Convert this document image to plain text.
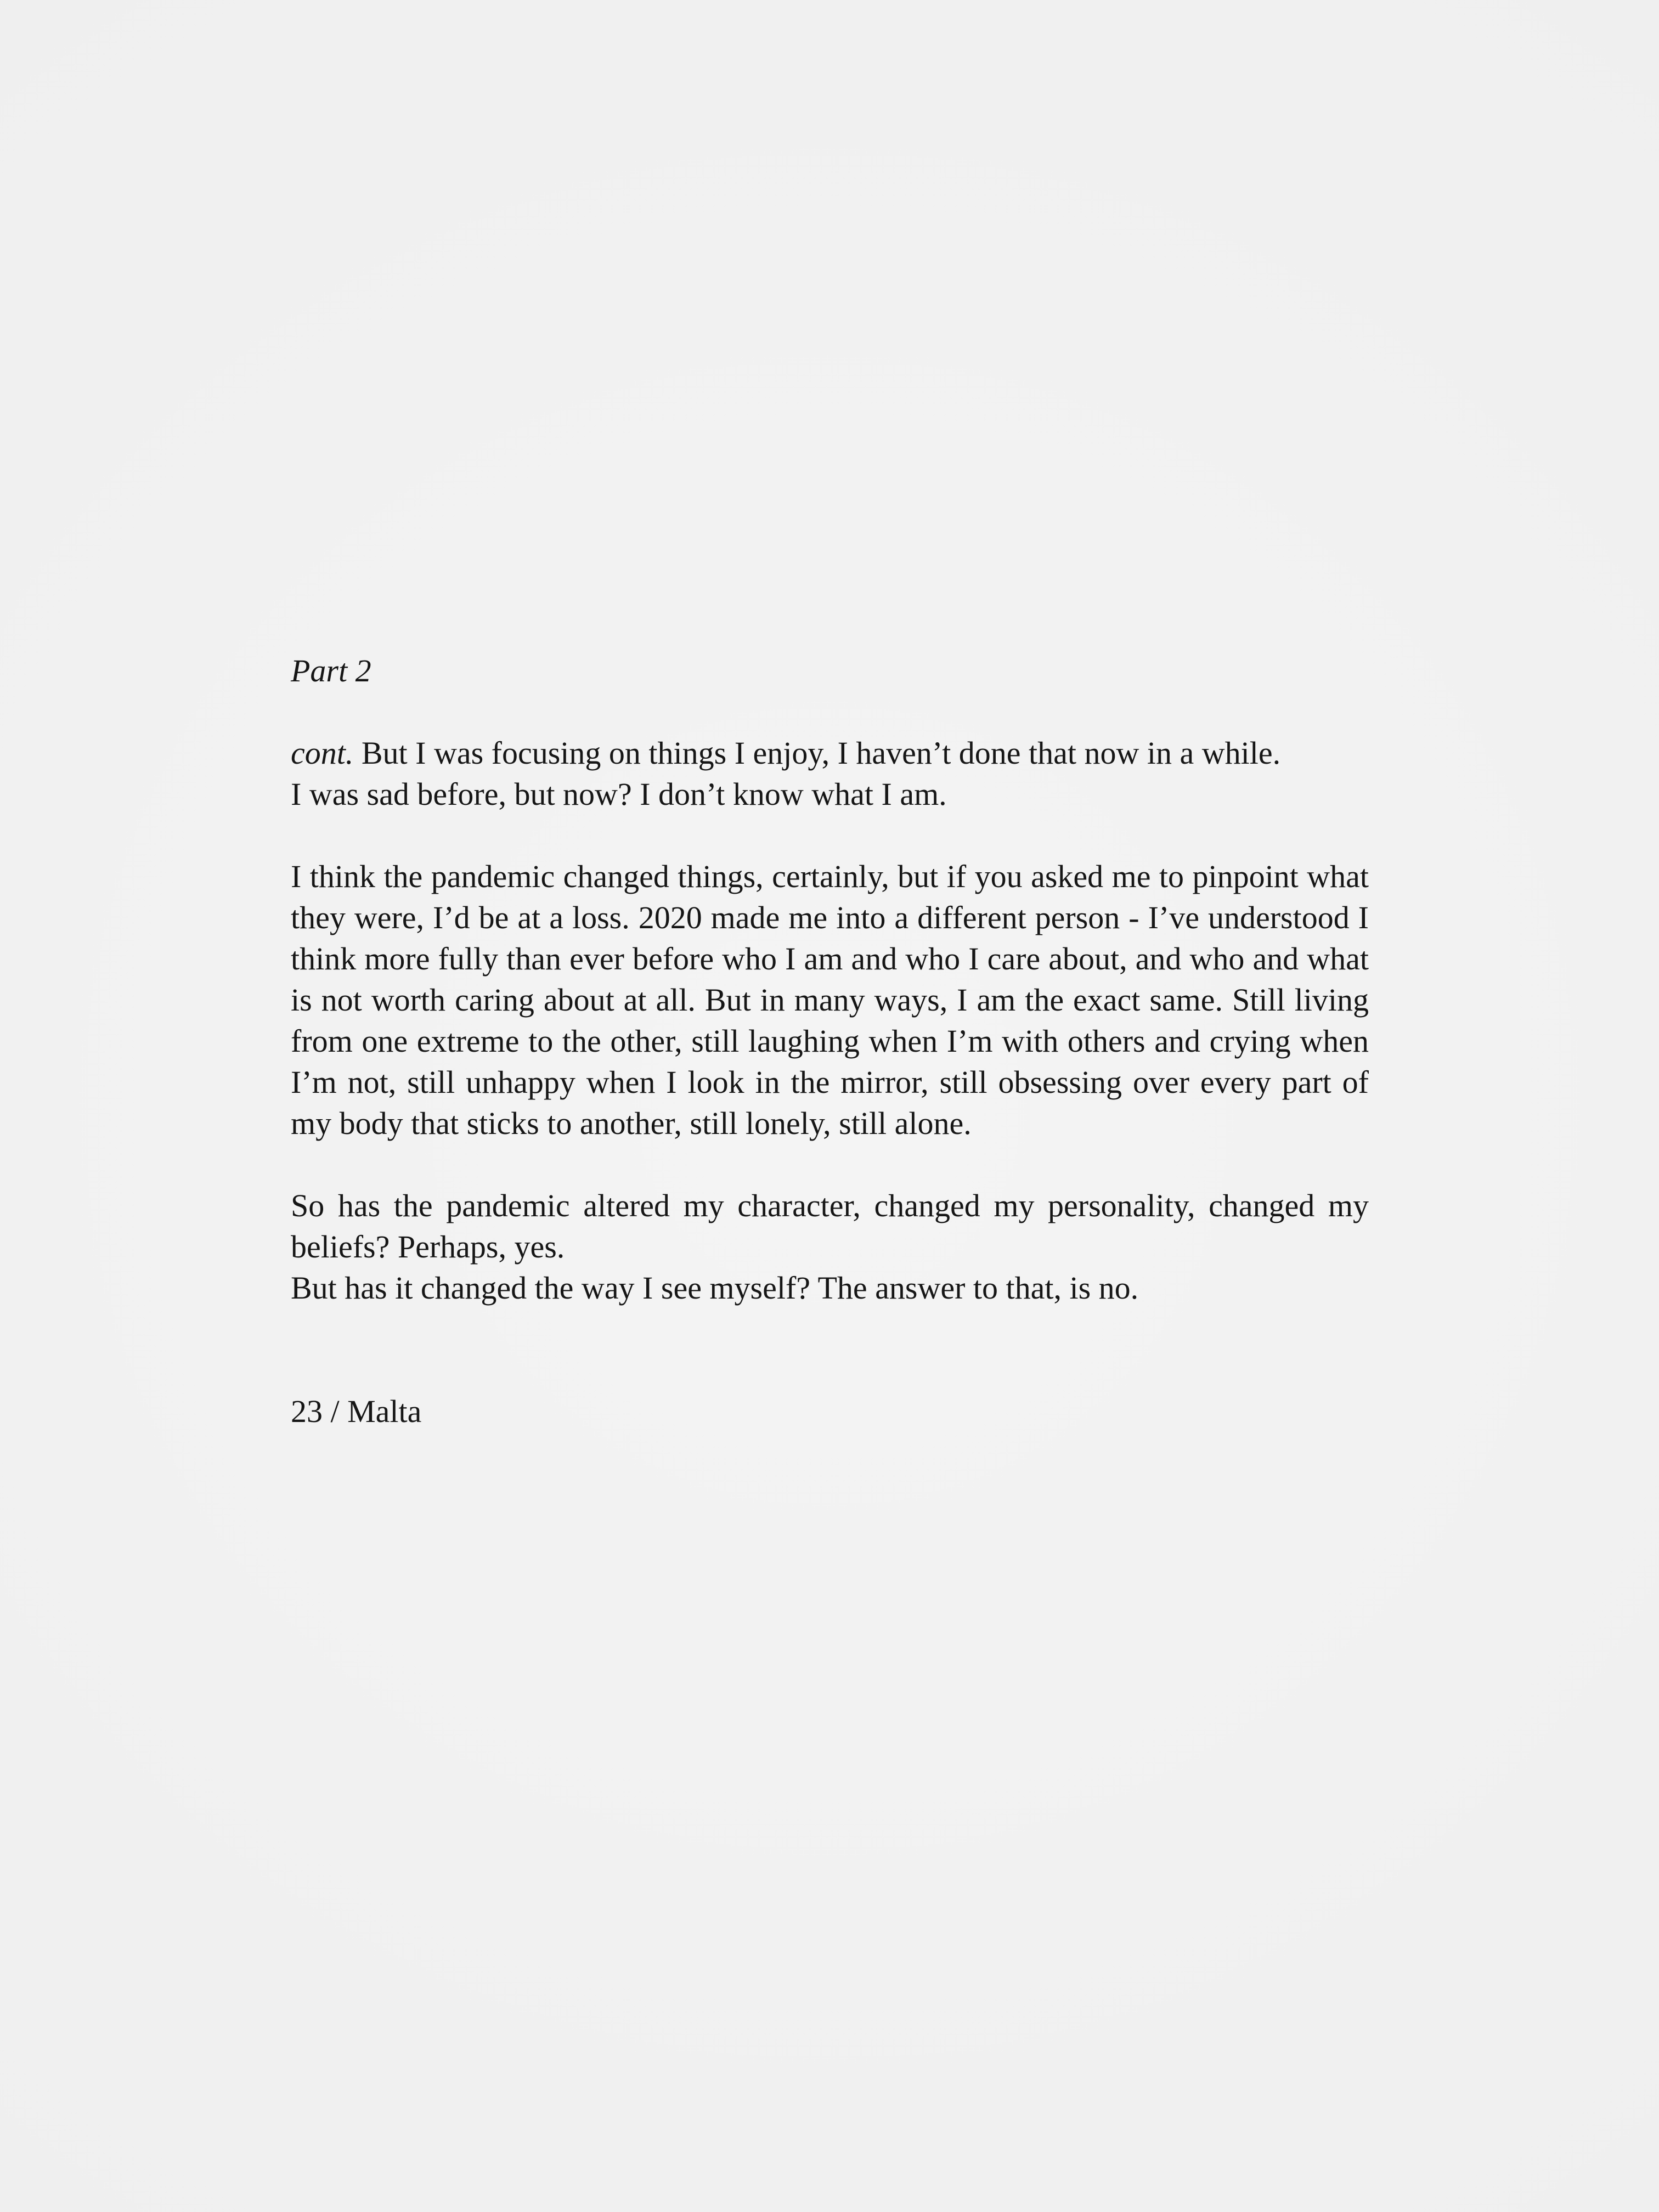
Part 2
cont. But I was focusing on things I enjoy, I haven’t done that now in a while.
I was sad before, but now? I don’t know what I am.
I think the pandemic changed things, certainly, but if you asked me to pinpoint what they were, I’d be at a loss. 2020 made me into a different person - I’ve understood I think more fully than ever before who I am and who I care about, and who and what is not worth caring about at all. But in many ways, I am the exact same. Still living from one extreme to the other, still laughing when I’m with others and crying when I’m not, still unhappy when I look in the mirror, still obsessing over every part of my body that sticks to another, still lonely, still alone.
So has the pandemic altered my character, changed my personality, changed my beliefs? Perhaps, yes.
But has it changed the way I see myself? The answer to that, is no.
23 / Malta
